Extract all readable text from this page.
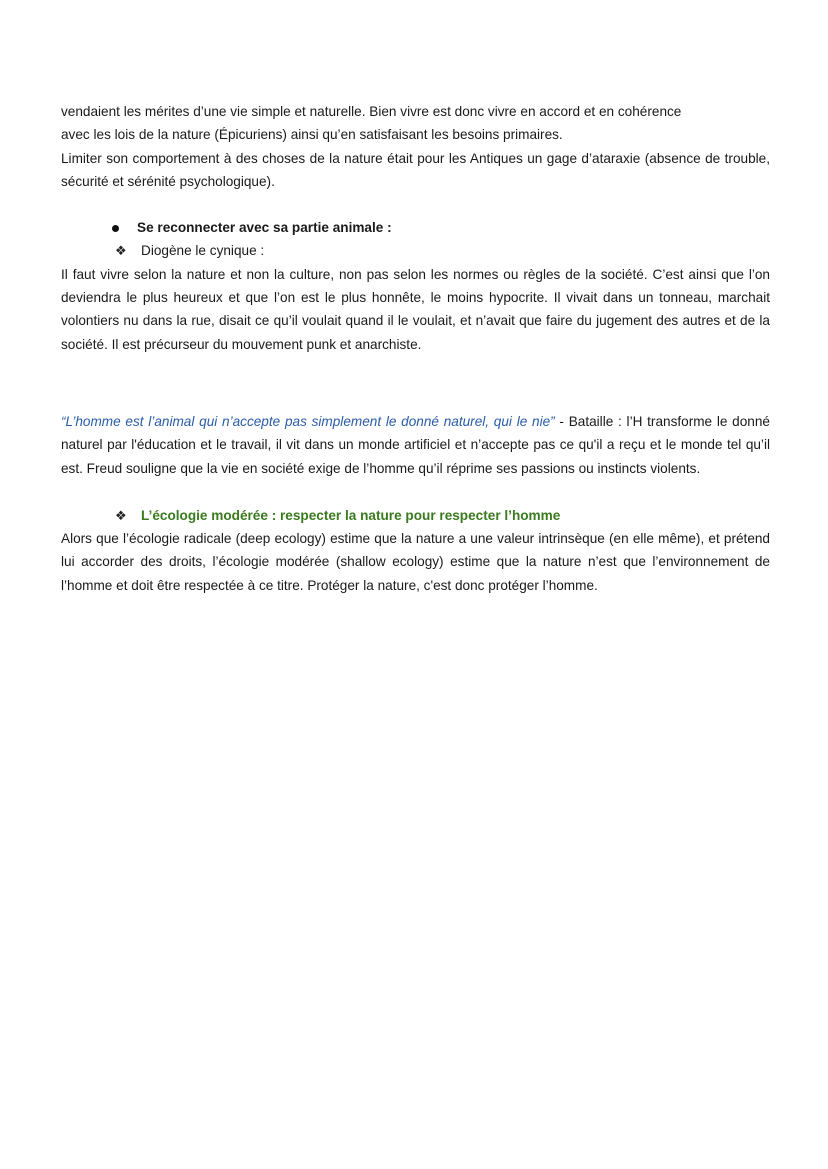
vendaient les mérites d’une vie simple et naturelle. Bien vivre est donc vivre en accord et en cohérence

avec les lois de la nature (Épicuriens) ainsi qu’en satisfaisant les besoins primaires.

Limiter son comportement à des choses de la nature était pour les Antiques un gage d’ataraxie (absence de trouble, sécurité et sérénité psychologique).

Se reconnecter avec sa partie animale :
❖	Diogène le cynique :

Il faut vivre selon la nature et non la culture, non pas selon les normes ou règles de la société. C’est ainsi que l’on deviendra le plus heureux et que l’on est le plus honnête, le moins hypocrite. Il vivait dans un tonneau, marchait volontiers nu dans la rue, disait ce qu’il voulait quand il le voulait, et n’avait que faire du jugement des autres et de la société. Il est précurseur du mouvement punk et anarchiste.

“L’homme est l’animal qui n’accepte pas simplement le donné naturel, qui le nie” - Bataille : l’H transforme le donné naturel par l'éducation et le travail, il vit dans un monde artificiel et n’accepte pas ce qu'il a reçu et le monde tel qu’il est. Freud souligne que la vie en société exige de l’homme qu’il réprime ses passions ou instincts violents.

❖	L’écologie modérée : respecter la nature pour respecter l’homme

Alors que l’écologie radicale (deep ecology) estime que la nature a une valeur intrinsèque (en elle même), et prétend lui accorder des droits, l’écologie modérée (shallow ecology) estime que la nature n’est que l’environnement de l’homme et doit être respectée à ce titre. Protéger la nature, c'est donc protéger l’homme.
